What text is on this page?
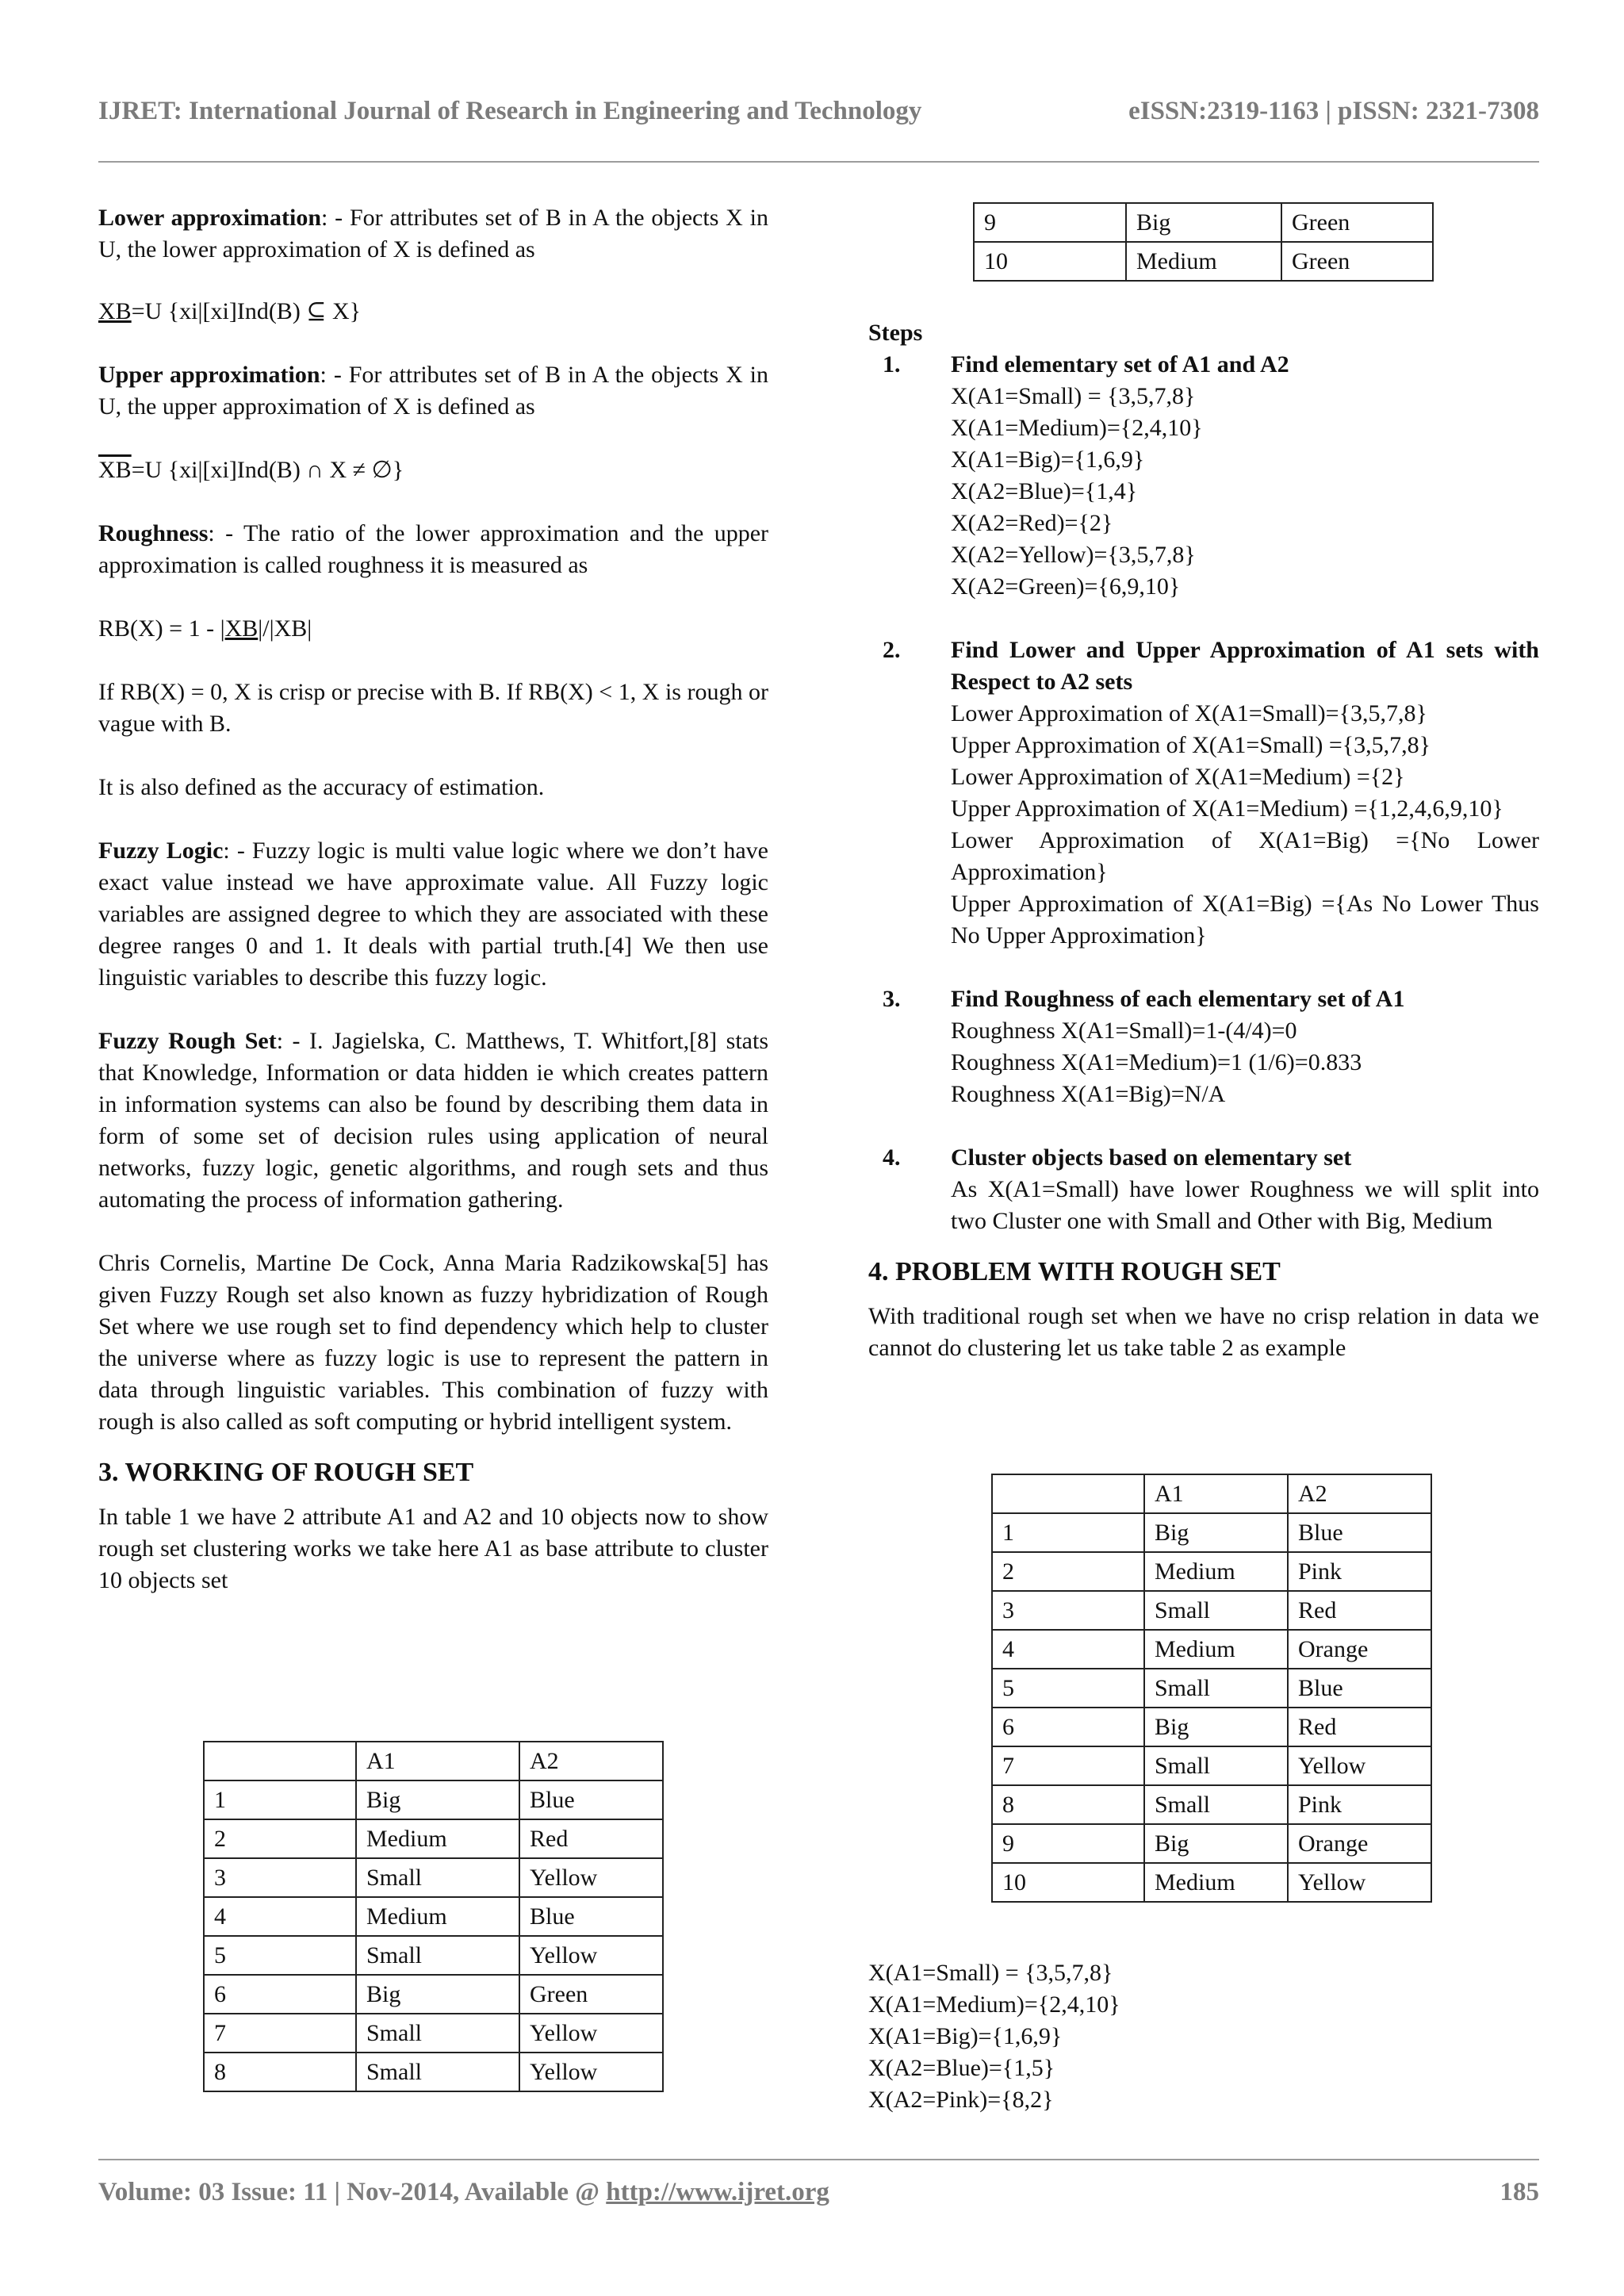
IJRET: International Journal of Research in Engineering and Technology	eISSN:2319-1163 | pISSN: 2321-7308

Lower approximation: - For attributes set of B in A the objects X in U, the lower approximation of X is defined as

XB=U {xi|[xi]Ind(B) ⊆ X}

Upper approximation: - For attributes set of B in A the objects X in U, the upper approximation of X is defined as

$\overline{XB}=U$ {xi|[xi]Ind(B) ∩ X ≠ ∅}

Roughness: - The ratio of the lower approximation and the upper approximation is called roughness it is measured as

RB(X) = 1 - |XB|/|XB|

If RB(X) = 0, X is crisp or precise with B. If RB(X) < 1, X is rough or vague with B.

It is also defined as the accuracy of estimation.

Fuzzy Logic: - Fuzzy logic is multi value logic where we don’t have exact value instead we have approximate value. All Fuzzy logic variables are assigned degree to which they are associated with these degree ranges 0 and 1. It deals with partial truth.[4] We then use linguistic variables to describe this fuzzy logic.

Fuzzy Rough Set: - I. Jagielska, C. Matthews, T. Whitfort,[8] stats that Knowledge, Information or data hidden ie which creates pattern in information systems can also be found by describing them data in form of some set of decision rules using application of neural networks, fuzzy logic, genetic algorithms, and rough sets and thus automating the process of information gathering.

Chris Cornelis, Martine De Cock, Anna Maria Radzikowska[5] has given Fuzzy Rough set also known as fuzzy hybridization of Rough Set where we use rough set to find dependency which help to cluster the universe where as fuzzy logic is use to represent the pattern in data through linguistic variables. This combination of fuzzy with rough is also called as soft computing or hybrid intelligent system.

3. WORKING OF ROUGH SET

In table 1 we have 2 attribute A1 and A2 and 10 objects now to show rough set clustering works we take here A1 as base attribute to cluster 10 objects set

	A1	A2
1	Big	Blue
2	Medium	Red
3	Small	Yellow
4	Medium	Blue
5	Small	Yellow
6	Big	Green
7	Small	Yellow
8	Small	Yellow
9	Big	Green
10	Medium	Green
Steps
1.	Find elementary set of A1 and A2
X(A1=Small) = {3,5,7,8}
X(A1=Medium)={2,4,10}
X(A1=Big)={1,6,9}
X(A2=Blue)={1,4}
X(A2=Red)={2}
X(A2=Yellow)={3,5,7,8}
X(A2=Green)={6,9,10}
2.	Find Lower and Upper Approximation of A1 sets with Respect to A2 sets
Lower Approximation of X(A1=Small)={3,5,7,8}
Upper Approximation of X(A1=Small) ={3,5,7,8}
Lower Approximation of X(A1=Medium) ={2}
Upper Approximation of X(A1=Medium) ={1,2,4,6,9,10}
Lower Approximation of X(A1=Big) ={No Lower Approximation}
Upper Approximation of X(A1=Big) ={As No Lower Thus No Upper Approximation}
3.	Find Roughness of each elementary set of A1
Roughness X(A1=Small)=1-(4/4)=0
Roughness X(A1=Medium)=1 (1/6)=0.833
Roughness X(A1=Big)=N/A
4.	Cluster objects based on elementary set
As X(A1=Small) have lower Roughness we will split into two Cluster one with Small and Other with Big, Medium
4. PROBLEM WITH ROUGH SET

With traditional rough set when we have no crisp relation in data we cannot do clustering let us take table 2 as example

	A1	A2
1	Big	Blue
2	Medium	Pink
3	Small	Red
4	Medium	Orange
5	Small	Blue
6	Big	Red
7	Small	Yellow
8	Small	Pink
9	Big	Orange
10	Medium	Yellow
X(A1=Small) = {3,5,7,8}
X(A1=Medium)={2,4,10}
X(A1=Big)={1,6,9}
X(A2=Blue)={1,5}
X(A2=Pink)={8,2}
Volume: 03 Issue: 11 | Nov-2014, Available @ http://www.ijret.org	185
